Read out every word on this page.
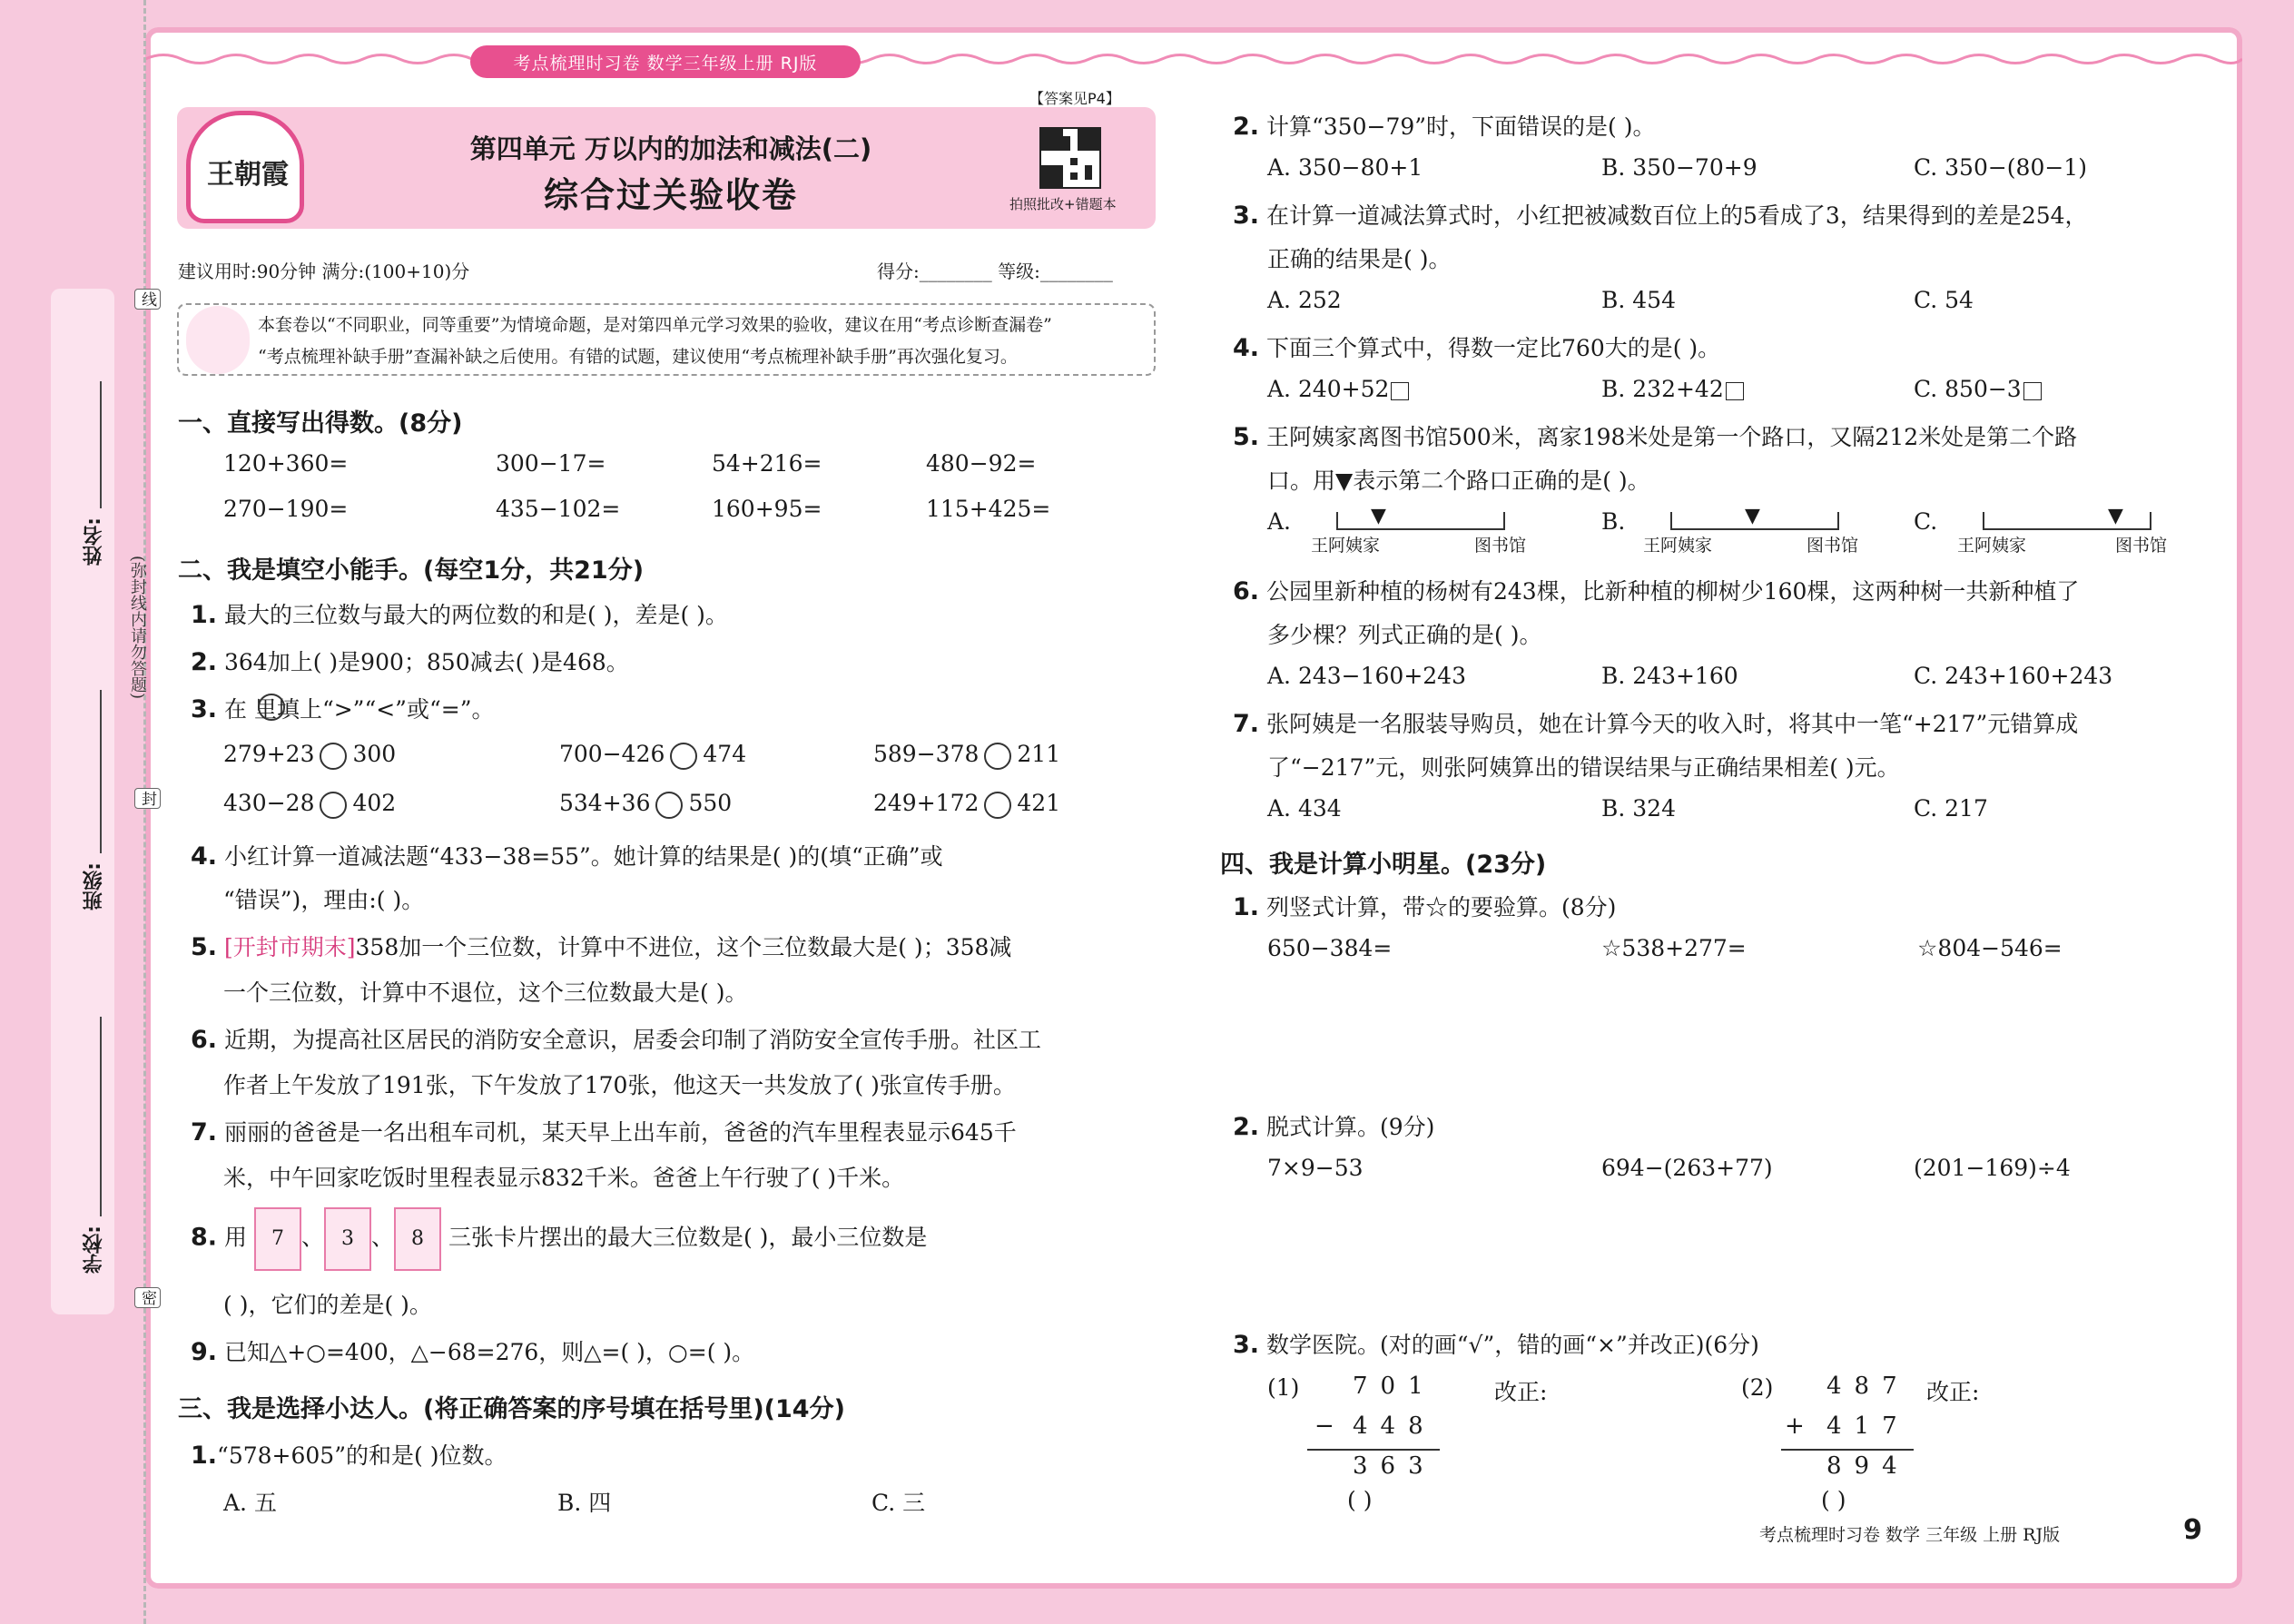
姓名:
班级:
学校:
(弥封线内请勿答题)
线
封
密
考点梳理时习卷 数学三年级上册 RJ版
【答案见P4】
王朝霞
第四单元 万以内的加法和减法(二)
综合过关验收卷	拍照批改+错题本
建议用时:90分钟 满分:(100+10)分	得分:________ 等级:________
本套卷以“不同职业，同等重要”为情境命题，是对第四单元学习效果的验收，建议在用“考点诊断查漏卷”
“考点梳理补缺手册”查漏补缺之后使用。有错的试题，建议使用“考点梳理补缺手册”再次强化复习。
一、直接写出得数。(8分)
120+360=	300−17=	54+216=	480−92=
270−190=	435−102=	160+95=	115+425=
二、我是填空小能手。(每空1分，共21分)
1. 最大的三位数与最大的两位数的和是( )，差是( )。
2. 364加上( )是900；850减去( )是468。
3. 在 里填上“>”“<”或“=”。
279+23 300	700−426 474	589−378 211
430−28 402	534+36 550	249+172 421
4. 小红计算一道减法题“433−38=55”。她计算的结果是( )的(填“正确”或
“错误”)，理由:( )。
5. [开封市期末]358加一个三位数，计算中不进位，这个三位数最大是( )；358减
一个三位数，计算中不退位，这个三位数最大是( )。
6. 近期，为提高社区居民的消防安全意识，居委会印制了消防安全宣传手册。社区工
作者上午发放了191张，下午发放了170张，他这天一共发放了( )张宣传手册。
7. 丽丽的爸爸是一名出租车司机，某天早上出车前，爸爸的汽车里程表显示645千
米，中午回家吃饭时里程表显示832千米。爸爸上午行驶了( )千米。
8. 用 7 、 3 、 8 三张卡片摆出的最大三位数是( )，最小三位数是
( )，它们的差是( )。
9. 已知△+○=400，△−68=276，则△=( )，○=( )。
三、我是选择小达人。(将正确答案的序号填在括号里)(14分)
1.“578+605”的和是( )位数。
A. 五	B. 四	C. 三
2. 计算“350−79”时，下面错误的是( )。
A. 350−80+1	B. 350−70+9	C. 350−(80−1)
3. 在计算一道减法算式时，小红把被减数百位上的5看成了3，结果得到的差是254，
正确的结果是( )。
A. 252	B. 454	C. 54
4. 下面三个算式中，得数一定比760大的是( )。
A. 240+52	B. 232+42	C. 850−3
5. 王阿姨家离图书馆500米，离家198米处是第一个路口，又隔212米处是第二个路
口。用▼表示第二个路口正确的是( )。
A.	▼
王阿姨家	图书馆
B.	▼
王阿姨家	图书馆
C.	▼
王阿姨家	图书馆
6. 公园里新种植的杨树有243棵，比新种植的柳树少160棵，这两种树一共新种植了
多少棵？列式正确的是( )。
A. 243−160+243	B. 243+160	C. 243+160+243
7. 张阿姨是一名服装导购员，她在计算今天的收入时，将其中一笔“+217”元错算成
了“−217”元，则张阿姨算出的错误结果与正确结果相差( )元。
A. 434	B. 324	C. 217
四、我是计算小明星。(23分)
1. 列竖式计算，带☆的要验算。(8分)
650−384=	☆538+277=	☆804−546=
2. 脱式计算。(9分)
7×9−53	694−(263+77)	(201−169)÷4
3. 数学医院。(对的画“√”，错的画“×”并改正)(6分)
(1) 701	改正:
− 448
363
( )
(2) 487 改正:
+ 417
894
( )
考点梳理时习卷 数学 三年级 上册 RJ版	9
